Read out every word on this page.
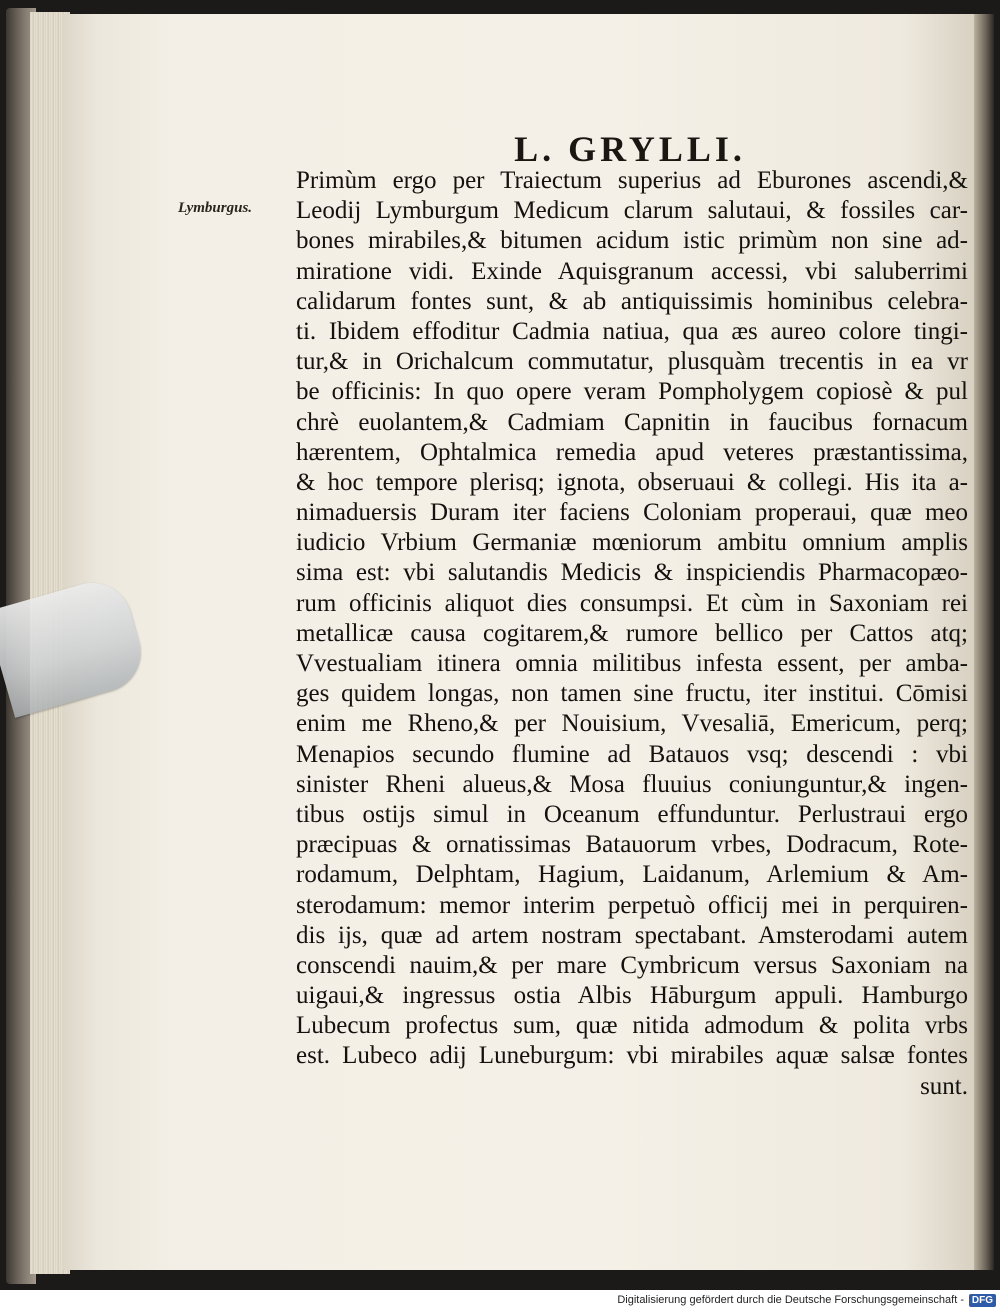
L. GRYLLI.

Lymburgus.

Primùm ergo per Traiectum superius ad Eburones ascendi,&
Leodij Lymburgum Medicum clarum salutaui, & fossiles car-
bones mirabiles,& bitumen acidum istic primùm non sine ad-
miratione vidi. Exinde Aquisgranum accessi, vbi saluberrimi
calidarum fontes sunt, & ab antiquissimis hominibus celebra-
ti. Ibidem effoditur Cadmia natiua, qua æs aureo colore tingi-
tur,& in Orichalcum commutatur, plusquàm trecentis in ea vr
be officinis: In quo opere veram Pompholygem copiosè & pul
chrè euolantem,& Cadmiam Capnitin in faucibus fornacum
hærentem, Ophtalmica remedia apud veteres præstantissima,
& hoc tempore plerisq; ignota, obseruaui & collegi. His ita a-
nimaduersis Duram iter faciens Coloniam properaui, quæ meo
iudicio Vrbium Germaniæ mœniorum ambitu omnium amplis
sima est: vbi salutandis Medicis & inspiciendis Pharmacopæo-
rum officinis aliquot dies consumpsi. Et cùm in Saxoniam rei
metallicæ causa cogitarem,& rumore bellico per Cattos atq;
Vvestualiam itinera omnia militibus infesta essent, per amba-
ges quidem longas, non tamen sine fructu, iter institui. Cōmisi
enim me Rheno,& per Nouisium, Vvesaliā, Emericum, perq;
Menapios secundo flumine ad Batauos vsq; descendi : vbi
sinister Rheni alueus,& Mosa fluuius coniunguntur,& ingen-
tibus ostijs simul in Oceanum effunduntur. Perlustraui ergo
præcipuas & ornatissimas Batauorum vrbes, Dodracum, Rote-
rodamum, Delphtam, Hagium, Laidanum, Arlemium & Am-
sterodamum: memor interim perpetuò officij mei in perquiren-
dis ijs, quæ ad artem nostram spectabant. Amsterodami autem
conscendi nauim,& per mare Cymbricum versus Saxoniam na
uigaui,& ingressus ostia Albis Hāburgum appuli. Hamburgo
Lubecum profectus sum, quæ nitida admodum & polita vrbs
est. Lubeco adij Luneburgum: vbi mirabiles aquæ salsæ fontes
sunt.

Digitalisierung gefördert durch die Deutsche Forschungsgemeinschaft - DFG
